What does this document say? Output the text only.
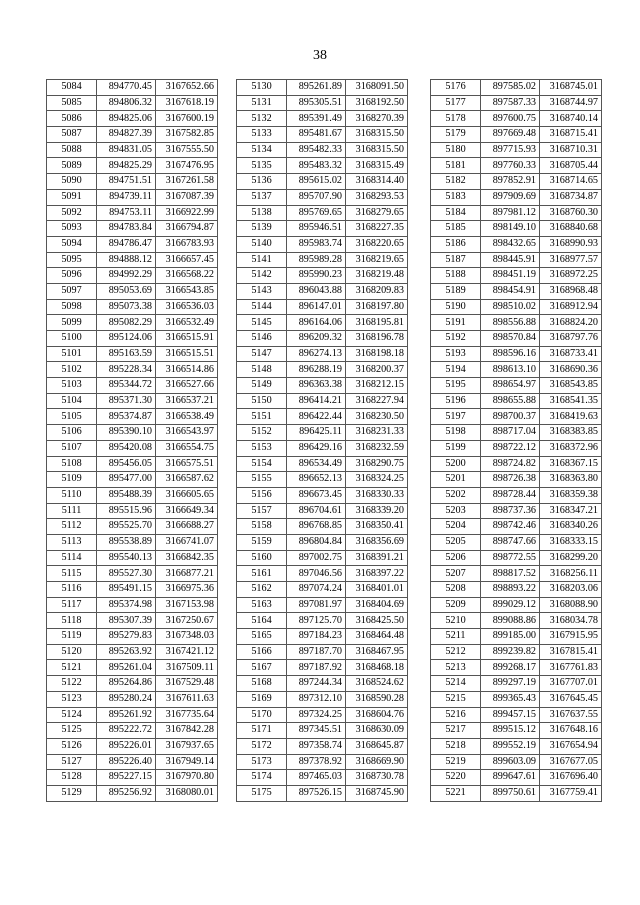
38
5084	894770.45	3167652.66
5085	894806.32	3167618.19
5086	894825.06	3167600.19
5087	894827.39	3167582.85
5088	894831.05	3167555.50
5089	894825.29	3167476.95
5090	894751.51	3167261.58
5091	894739.11	3167087.39
5092	894753.11	3166922.99
5093	894783.84	3166794.87
5094	894786.47	3166783.93
5095	894888.12	3166657.45
5096	894992.29	3166568.22
5097	895053.69	3166543.85
5098	895073.38	3166536.03
5099	895082.29	3166532.49
5100	895124.06	3166515.91
5101	895163.59	3166515.51
5102	895228.34	3166514.86
5103	895344.72	3166527.66
5104	895371.30	3166537.21
5105	895374.87	3166538.49
5106	895390.10	3166543.97
5107	895420.08	3166554.75
5108	895456.05	3166575.51
5109	895477.00	3166587.62
5110	895488.39	3166605.65
5111	895515.96	3166649.34
5112	895525.70	3166688.27
5113	895538.89	3166741.07
5114	895540.13	3166842.35
5115	895527.30	3166877.21
5116	895491.15	3166975.36
5117	895374.98	3167153.98
5118	895307.39	3167250.67
5119	895279.83	3167348.03
5120	895263.92	3167421.12
5121	895261.04	3167509.11
5122	895264.86	3167529.48
5123	895280.24	3167611.63
5124	895261.92	3167735.64
5125	895222.72	3167842.28
5126	895226.01	3167937.65
5127	895226.40	3167949.14
5128	895227.15	3167970.80
5129	895256.92	3168080.01
5130	895261.89	3168091.50
5131	895305.51	3168192.50
5132	895391.49	3168270.39
5133	895481.67	3168315.50
5134	895482.33	3168315.50
5135	895483.32	3168315.49
5136	895615.02	3168314.40
5137	895707.90	3168293.53
5138	895769.65	3168279.65
5139	895946.51	3168227.35
5140	895983.74	3168220.65
5141	895989.28	3168219.65
5142	895990.23	3168219.48
5143	896043.88	3168209.83
5144	896147.01	3168197.80
5145	896164.06	3168195.81
5146	896209.32	3168196.78
5147	896274.13	3168198.18
5148	896288.19	3168200.37
5149	896363.38	3168212.15
5150	896414.21	3168227.94
5151	896422.44	3168230.50
5152	896425.11	3168231.33
5153	896429.16	3168232.59
5154	896534.49	3168290.75
5155	896652.13	3168324.25
5156	896673.45	3168330.33
5157	896704.61	3168339.20
5158	896768.85	3168350.41
5159	896804.84	3168356.69
5160	897002.75	3168391.21
5161	897046.56	3168397.22
5162	897074.24	3168401.01
5163	897081.97	3168404.69
5164	897125.70	3168425.50
5165	897184.23	3168464.48
5166	897187.70	3168467.95
5167	897187.92	3168468.18
5168	897244.34	3168524.62
5169	897312.10	3168590.28
5170	897324.25	3168604.76
5171	897345.51	3168630.09
5172	897358.74	3168645.87
5173	897378.92	3168669.90
5174	897465.03	3168730.78
5175	897526.15	3168745.90
5176	897585.02	3168745.01
5177	897587.33	3168744.97
5178	897600.75	3168740.14
5179	897669.48	3168715.41
5180	897715.93	3168710.31
5181	897760.33	3168705.44
5182	897852.91	3168714.65
5183	897909.69	3168734.87
5184	897981.12	3168760.30
5185	898149.10	3168840.68
5186	898432.65	3168990.93
5187	898445.91	3168977.57
5188	898451.19	3168972.25
5189	898454.91	3168968.48
5190	898510.02	3168912.94
5191	898556.88	3168824.20
5192	898570.84	3168797.76
5193	898596.16	3168733.41
5194	898613.10	3168690.36
5195	898654.97	3168543.85
5196	898655.88	3168541.35
5197	898700.37	3168419.63
5198	898717.04	3168383.85
5199	898722.12	3168372.96
5200	898724.82	3168367.15
5201	898726.38	3168363.80
5202	898728.44	3168359.38
5203	898737.36	3168347.21
5204	898742.46	3168340.26
5205	898747.66	3168333.15
5206	898772.55	3168299.20
5207	898817.52	3168256.11
5208	898893.22	3168203.06
5209	899029.12	3168088.90
5210	899088.86	3168034.78
5211	899185.00	3167915.95
5212	899239.82	3167815.41
5213	899268.17	3167761.83
5214	899297.19	3167707.01
5215	899365.43	3167645.45
5216	899457.15	3167637.55
5217	899515.12	3167648.16
5218	899552.19	3167654.94
5219	899603.09	3167677.05
5220	899647.61	3167696.40
5221	899750.61	3167759.41
